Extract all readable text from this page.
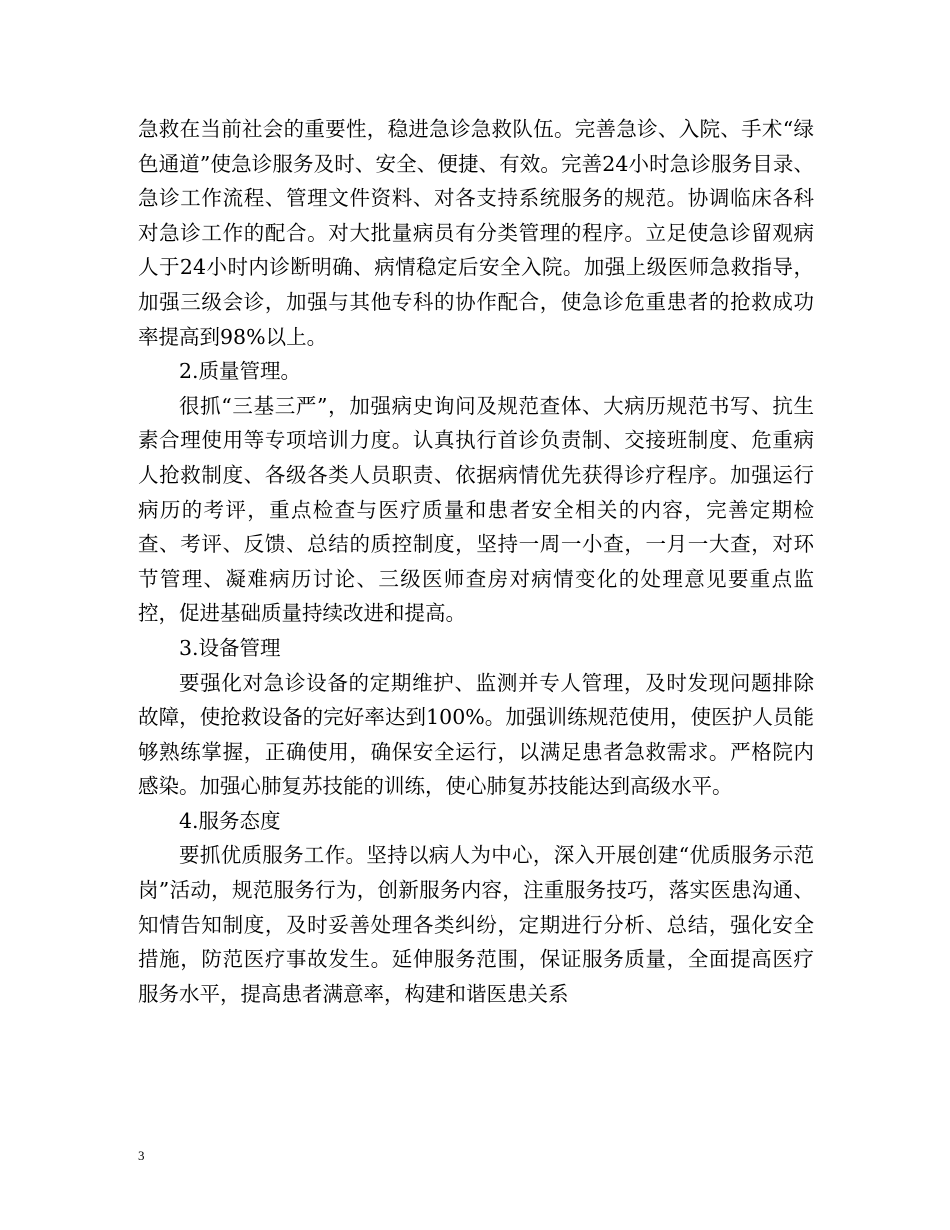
急救在当前社会的重要性，稳进急诊急救队伍。完善急诊、入院、手术“绿色通道”使急诊服务及时、安全、便捷、有效。完善24小时急诊服务目录、急诊工作流程、管理文件资料、对各支持系统服务的规范。协调临床各科对急诊工作的配合。对大批量病员有分类管理的程序。立足使急诊留观病人于24小时内诊断明确、病情稳定后安全入院。加强上级医师急救指导，加强三级会诊，加强与其他专科的协作配合，使急诊危重患者的抢救成功率提高到98%以上。

2.质量管理。

很抓“三基三严”，加强病史询问及规范查体、大病历规范书写、抗生素合理使用等专项培训力度。认真执行首诊负责制、交接班制度、危重病人抢救制度、各级各类人员职责、依据病情优先获得诊疗程序。加强运行病历的考评，重点检查与医疗质量和患者安全相关的内容，完善定期检查、考评、反馈、总结的质控制度，坚持一周一小查，一月一大查，对环节管理、凝难病历讨论、三级医师查房对病情变化的处理意见要重点监控，促进基础质量持续改进和提高。

3.设备管理

要强化对急诊设备的定期维护、监测并专人管理，及时发现问题排除故障，使抢救设备的完好率达到100%。加强训练规范使用，使医护人员能够熟练掌握，正确使用，确保安全运行，以满足患者急救需求。严格院内感染。加强心肺复苏技能的训练，使心肺复苏技能达到高级水平。

4.服务态度

要抓优质服务工作。坚持以病人为中心，深入开展创建“优质服务示范岗”活动，规范服务行为，创新服务内容，注重服务技巧，落实医患沟通、知情告知制度，及时妥善处理各类纠纷，定期进行分析、总结，强化安全措施，防范医疗事故发生。延伸服务范围，保证服务质量，全面提高医疗服务水平，提高患者满意率，构建和谐医患关系

3
